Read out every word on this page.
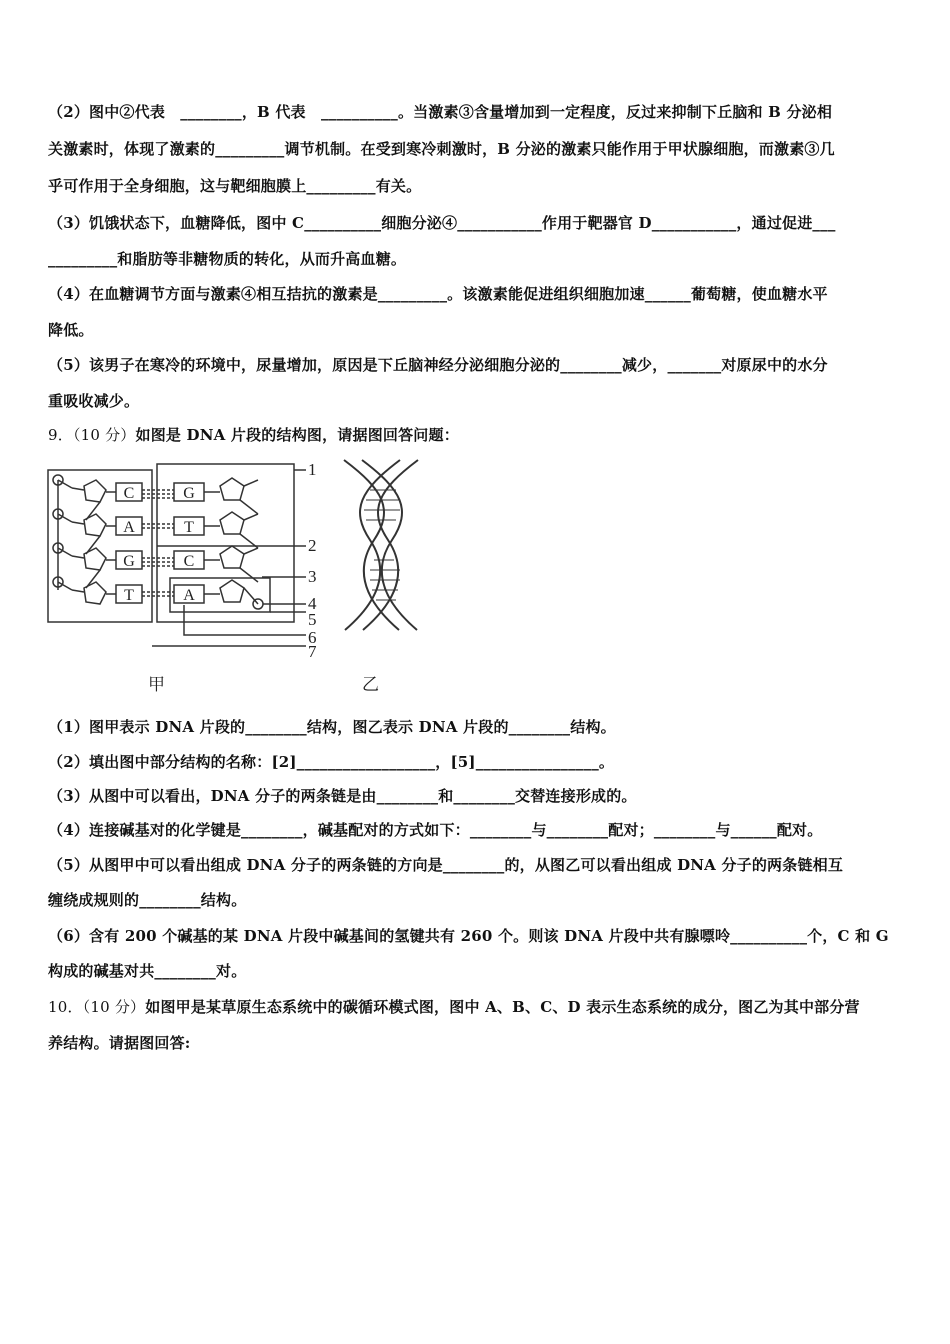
（2）图中②代表　________，B 代表　__________。当激素③含量增加到一定程度，反过来抑制下丘脑和 B 分泌相
关激素时，体现了激素的_________调节机制。在受到寒冷刺激时，B 分泌的激素只能作用于甲状腺细胞，而激素③几
乎可作用于全身细胞，这与靶细胞膜上_________有关。
（3）饥饿状态下，血糖降低，图中 C__________细胞分泌④___________作用于靶器官 D___________，通过促进___
_________和脂肪等非糖物质的转化，从而升高血糖。
（4）在血糖调节方面与激素④相互拮抗的激素是_________。该激素能促进组织细胞加速______葡萄糖，使血糖水平
降低。
（5）该男子在寒冷的环境中，尿量增加，原因是下丘脑神经分泌细胞分泌的________减少，_______对原尿中的水分
重吸收减少。
9．（10 分）如图是 DNA 片段的结构图，请据图回答问题：
C
A
G
T
G
T
C
A
1
2
3
4
5
6
7
甲	乙
（1）图甲表示 DNA 片段的________结构，图乙表示 DNA 片段的________结构。
（2）填出图中部分结构的名称：[2]__________________，[5]________________。
（3）从图中可以看出，DNA 分子的两条链是由________和________交替连接形成的。
（4）连接碱基对的化学键是________，碱基配对的方式如下：________与________配对；________与______配对。
（5）从图甲中可以看出组成 DNA 分子的两条链的方向是________的，从图乙可以看出组成 DNA 分子的两条链相互
缠绕成规则的________结构。
（6）含有 200 个碱基的某 DNA 片段中碱基间的氢键共有 260 个。则该 DNA 片段中共有腺嘌呤__________个，C 和 G
构成的碱基对共________对。
10．（10 分）如图甲是某草原生态系统中的碳循环模式图，图中 A、B、C、D 表示生态系统的成分，图乙为其中部分营
养结构。请据图回答:
